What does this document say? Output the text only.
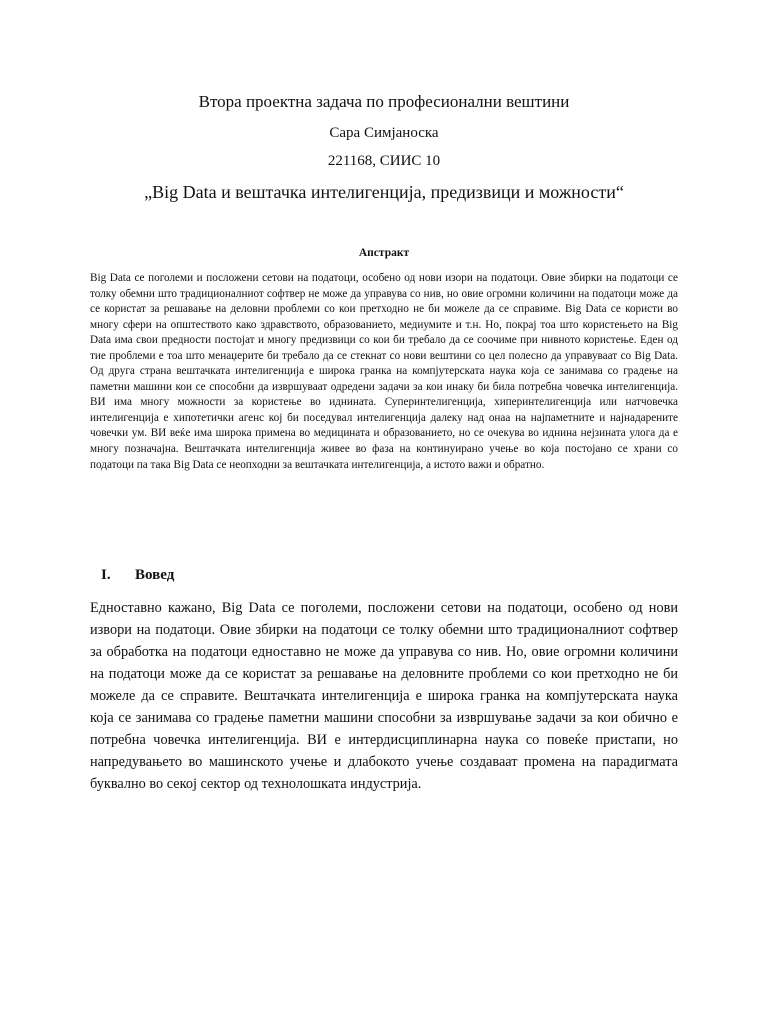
Втора проектна задача по професионални вештини
Сара Симјаноска
221168, СИИС 10
„Big Data и вештачка интелигенција, предизвици и можности“
Апстракт
Big Data се поголеми и посложени сетови на податоци, особено од нови изори на податоци. Овие збирки на податоци се толку обемни што традиционалниот софтвер не може да управува со нив, но овие огромни количини на податоци може да се користат за решавање на деловни проблеми со кои претходно не би можеле да се справиме. Big Data се користи во многу сфери на општеството како здравството, образованието, медиумите и т.н. Но, покрај тоа што користењето на Big Data има свои предности постојат и многу предизвици со кои би требало да се соочиме при нивното користење. Еден од тие проблеми е тоа што менаџерите би требало да се стекнат со нови вештини со цел полесно да управуваат со Big Data. Од друга страна вештачката интелигенција е широка гранка на компјутерската наука која се занимава со градење на паметни машини кои се способни да извршуваат одредени задачи за кои инаку би била потребна човечка интелигенција. ВИ има многу можности за користење во иднината. Суперинтелигенција, хиперинтелигенција или натчовечка интелигенција е хипотетички агенс кој би поседувал интелигенција далеку над онаа на најпаметните и најнадарените човечки ум. ВИ веќе има широка примена во медицината и образованието, но се очекува во иднина нејзината улога да е многу позначајна. Вештачката интелигенција живее во фаза на континуирано учење во која постојано се храни со податоци па така Big Data се неопходни за вештачката интелигенција, а истото важи и обратно.
I. Вовед
Едноставно кажано, Big Data се поголеми, посложени сетови на податоци, особено од нови извори на податоци. Овие збирки на податоци се толку обемни што традиционалниот софтвер за обработка на податоци едноставно не може да управува со нив. Но, овие огромни количини на податоци може да се користат за решавање на деловните проблеми со кои претходно не би можеле да се справите. Вештачката интелигенција е широка гранка на компјутерската наука која се занимава со градење паметни машини способни за извршување задачи за кои обично е потребна човечка интелигенција. ВИ е интердисциплинарна наука со повеќе пристапи, но напредувањето во машинското учење и длабокото учење создаваат промена на парадигмата буквално во секој сектор од технолошката индустрија.
